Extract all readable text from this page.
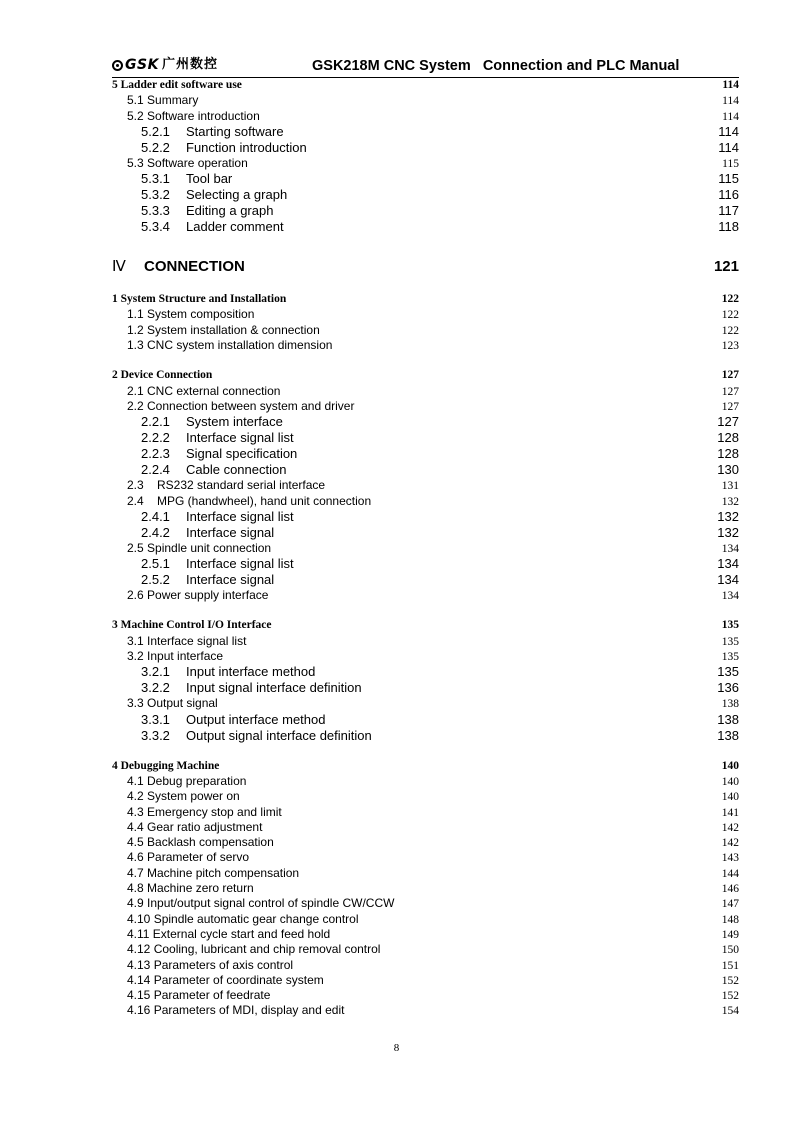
GSK 广州数控	GSK218M CNC System   Connection and PLC Manual
5 Ladder edit software use	114
5.1 Summary	114
5.2 Software introduction	114
5.2.1 Starting software	114
5.2.2 Function introduction	114
5.3 Software operation	115
5.3.1 Tool bar	115
5.3.2 Selecting a graph	116
5.3.3 Editing a graph	117
5.3.4 Ladder comment	118
Ⅳ CONNECTION	121
1 System Structure and Installation	122
1.1 System composition	122
1.2 System installation & connection	122
1.3 CNC system installation dimension	123
2 Device Connection	127
2.1 CNC external connection	127
2.2 Connection between system and driver	127
2.2.1 System interface	127
2.2.2 Interface signal list	128
2.2.3 Signal specification	128
2.2.4 Cable connection	130
2.3 RS232 standard serial interface	131
2.4 MPG (handwheel), hand unit connection	132
2.4.1 Interface signal list	132
2.4.2 Interface signal	132
2.5 Spindle unit connection	134
2.5.1 Interface signal list	134
2.5.2 Interface signal	134
2.6 Power supply interface	134
3 Machine Control I/O Interface	135
3.1 Interface signal list	135
3.2 Input interface	135
3.2.1 Input interface method	135
3.2.2 Input signal interface definition	136
3.3 Output signal	138
3.3.1 Output interface method	138
3.3.2 Output signal interface definition	138
4 Debugging Machine	140
4.1 Debug preparation	140
4.2 System power on	140
4.3 Emergency stop and limit	141
4.4 Gear ratio adjustment	142
4.5 Backlash compensation	142
4.6 Parameter of servo	143
4.7 Machine pitch compensation	144
4.8 Machine zero return	146
4.9 Input/output signal control of spindle CW/CCW	147
4.10 Spindle automatic gear change control	148
4.11 External cycle start and feed hold	149
4.12 Cooling, lubricant and chip removal control	150
4.13 Parameters of axis control	151
4.14 Parameter of coordinate system	152
4.15 Parameter of feedrate	152
4.16 Parameters of MDI, display and edit	154
8
